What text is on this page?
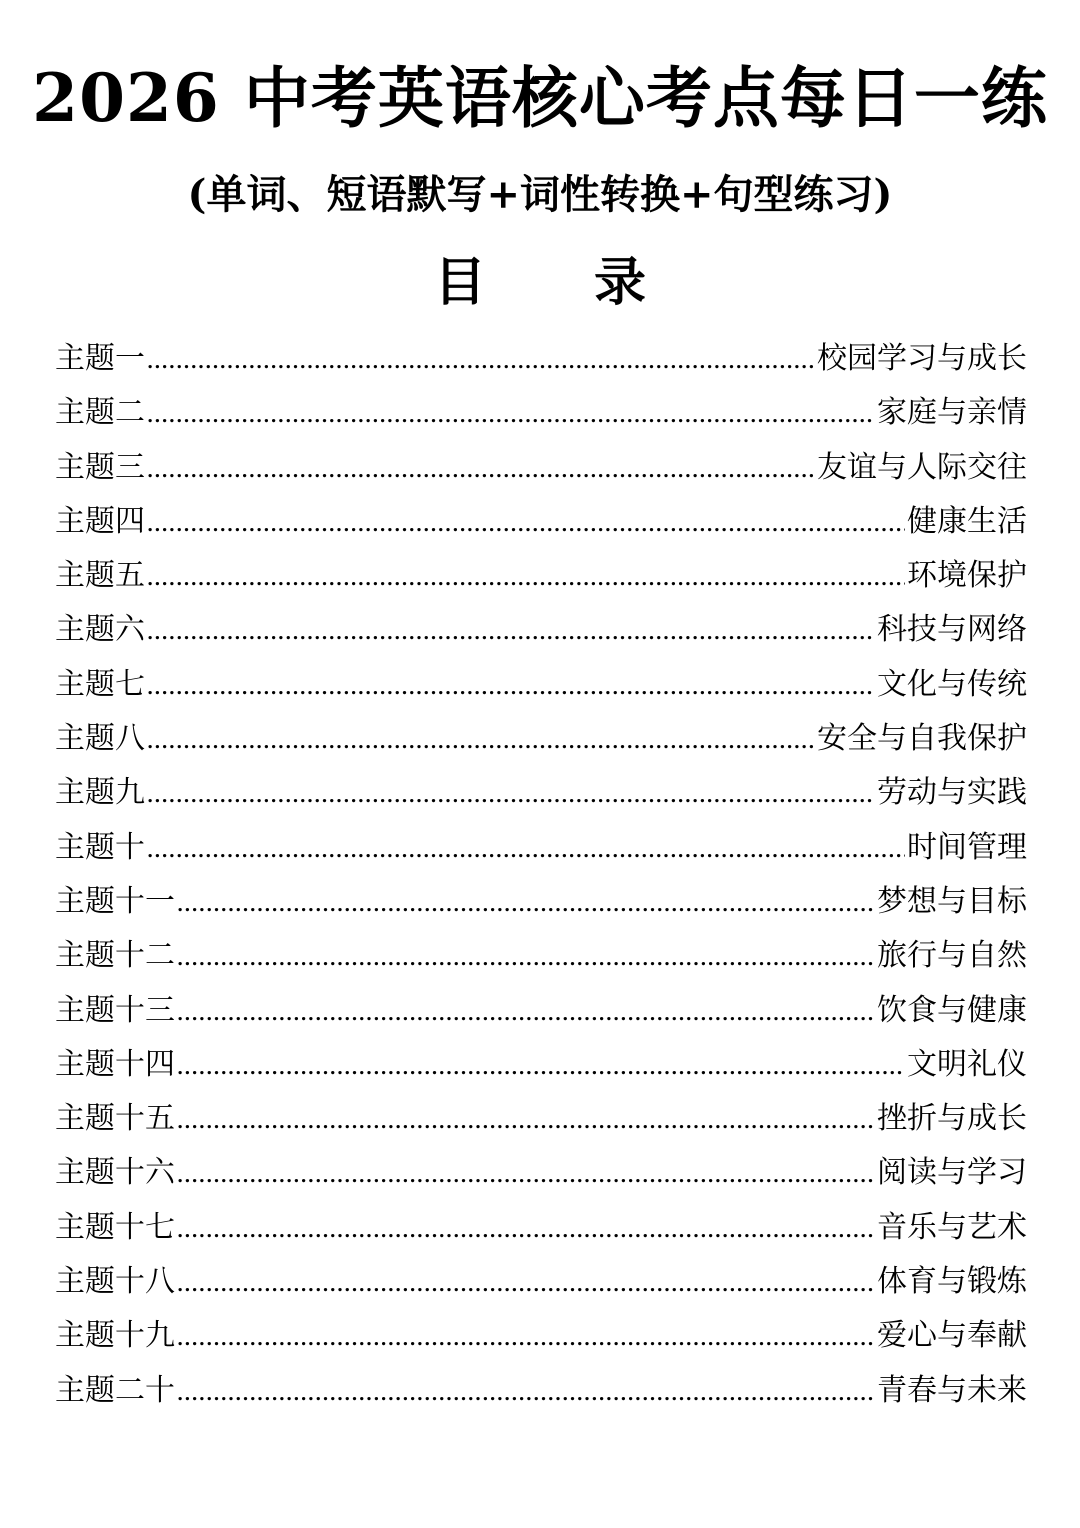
2026 中考英语核心考点每日一练
(单词、短语默写+词性转换+句型练习)
目 录
主题一 .....	校园学习与成长
主题二 .....	家庭与亲情
主题三 .....	友谊与人际交往
主题四 .....	健康生活
主题五 .....	环境保护
主题六 .....	科技与网络
主题七 .....	文化与传统
主题八 .....	安全与自我保护
主题九 .....	劳动与实践
主题十 .....	时间管理
主题十一 .....	梦想与目标
主题十二 .....	旅行与自然
主题十三 .....	饮食与健康
主题十四 .....	文明礼仪
主题十五 .....	挫折与成长
主题十六 .....	阅读与学习
主题十七 .....	音乐与艺术
主题十八 .....	体育与锻炼
主题十九 .....	爱心与奉献
主题二十 .....	青春与未来
